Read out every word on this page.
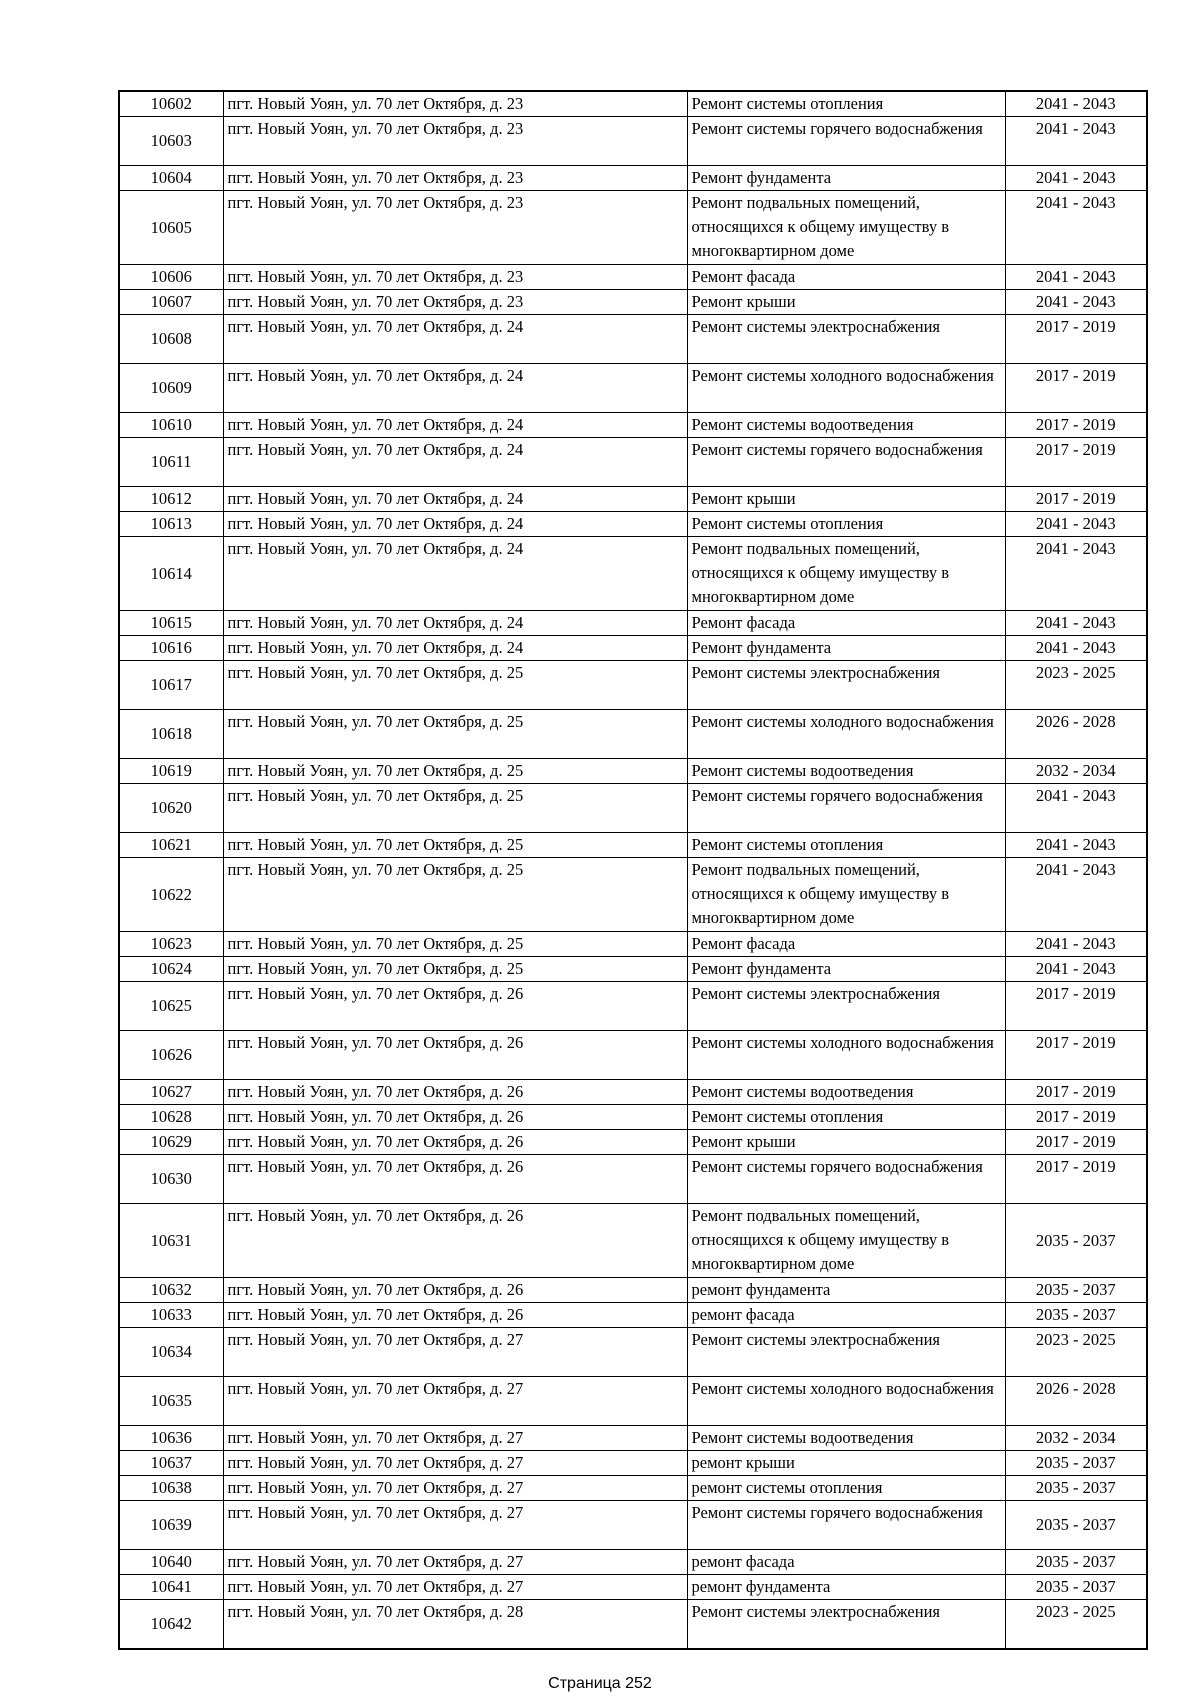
10602	пгт. Новый Уоян, ул. 70 лет Октября, д. 23	Ремонт системы отопления	2041 - 2043
10603	пгт. Новый Уоян, ул. 70 лет Октября, д. 23	Ремонт системы горячего водоснабжения	2041 - 2043
10604	пгт. Новый Уоян, ул. 70 лет Октября, д. 23	Ремонт фундамента	2041 - 2043
10605	пгт. Новый Уоян, ул. 70 лет Октября, д. 23	Ремонт подвальных помещений, относящихся к общему имуществу в многоквартирном доме	2041 - 2043
10606	пгт. Новый Уоян, ул. 70 лет Октября, д. 23	Ремонт фасада	2041 - 2043
10607	пгт. Новый Уоян, ул. 70 лет Октября, д. 23	Ремонт крыши	2041 - 2043
10608	пгт. Новый Уоян, ул. 70 лет Октября, д. 24	Ремонт системы электроснабжения	2017 - 2019
10609	пгт. Новый Уоян, ул. 70 лет Октября, д. 24	Ремонт системы холодного водоснабжения	2017 - 2019
10610	пгт. Новый Уоян, ул. 70 лет Октября, д. 24	Ремонт системы водоотведения	2017 - 2019
10611	пгт. Новый Уоян, ул. 70 лет Октября, д. 24	Ремонт системы горячего водоснабжения	2017 - 2019
10612	пгт. Новый Уоян, ул. 70 лет Октября, д. 24	Ремонт крыши	2017 - 2019
10613	пгт. Новый Уоян, ул. 70 лет Октября, д. 24	Ремонт системы отопления	2041 - 2043
10614	пгт. Новый Уоян, ул. 70 лет Октября, д. 24	Ремонт подвальных помещений, относящихся к общему имуществу в многоквартирном доме	2041 - 2043
10615	пгт. Новый Уоян, ул. 70 лет Октября, д. 24	Ремонт фасада	2041 - 2043
10616	пгт. Новый Уоян, ул. 70 лет Октября, д. 24	Ремонт фундамента	2041 - 2043
10617	пгт. Новый Уоян, ул. 70 лет Октября, д. 25	Ремонт системы электроснабжения	2023 - 2025
10618	пгт. Новый Уоян, ул. 70 лет Октября, д. 25	Ремонт системы холодного водоснабжения	2026 - 2028
10619	пгт. Новый Уоян, ул. 70 лет Октября, д. 25	Ремонт системы водоотведения	2032 - 2034
10620	пгт. Новый Уоян, ул. 70 лет Октября, д. 25	Ремонт системы горячего водоснабжения	2041 - 2043
10621	пгт. Новый Уоян, ул. 70 лет Октября, д. 25	Ремонт системы отопления	2041 - 2043
10622	пгт. Новый Уоян, ул. 70 лет Октября, д. 25	Ремонт подвальных помещений, относящихся к общему имуществу в многоквартирном доме	2041 - 2043
10623	пгт. Новый Уоян, ул. 70 лет Октября, д. 25	Ремонт фасада	2041 - 2043
10624	пгт. Новый Уоян, ул. 70 лет Октября, д. 25	Ремонт фундамента	2041 - 2043
10625	пгт. Новый Уоян, ул. 70 лет Октября, д. 26	Ремонт системы электроснабжения	2017 - 2019
10626	пгт. Новый Уоян, ул. 70 лет Октября, д. 26	Ремонт системы холодного водоснабжения	2017 - 2019
10627	пгт. Новый Уоян, ул. 70 лет Октября, д. 26	Ремонт системы водоотведения	2017 - 2019
10628	пгт. Новый Уоян, ул. 70 лет Октября, д. 26	Ремонт системы отопления	2017 - 2019
10629	пгт. Новый Уоян, ул. 70 лет Октября, д. 26	Ремонт крыши	2017 - 2019
10630	пгт. Новый Уоян, ул. 70 лет Октября, д. 26	Ремонт системы горячего водоснабжения	2017 - 2019
10631	пгт. Новый Уоян, ул. 70 лет Октября, д. 26	Ремонт подвальных помещений, относящихся к общему имуществу в многоквартирном доме	2035 - 2037
10632	пгт. Новый Уоян, ул. 70 лет Октября, д. 26	ремонт фундамента	2035 - 2037
10633	пгт. Новый Уоян, ул. 70 лет Октября, д. 26	ремонт фасада	2035 - 2037
10634	пгт. Новый Уоян, ул. 70 лет Октября, д. 27	Ремонт системы электроснабжения	2023 - 2025
10635	пгт. Новый Уоян, ул. 70 лет Октября, д. 27	Ремонт системы холодного водоснабжения	2026 - 2028
10636	пгт. Новый Уоян, ул. 70 лет Октября, д. 27	Ремонт системы водоотведения	2032 - 2034
10637	пгт. Новый Уоян, ул. 70 лет Октября, д. 27	ремонт крыши	2035 - 2037
10638	пгт. Новый Уоян, ул. 70 лет Октября, д. 27	ремонт системы отопления	2035 - 2037
10639	пгт. Новый Уоян, ул. 70 лет Октября, д. 27	Ремонт системы горячего водоснабжения	2035 - 2037
10640	пгт. Новый Уоян, ул. 70 лет Октября, д. 27	ремонт фасада	2035 - 2037
10641	пгт. Новый Уоян, ул. 70 лет Октября, д. 27	ремонт фундамента	2035 - 2037
10642	пгт. Новый Уоян, ул. 70 лет Октября, д. 28	Ремонт системы электроснабжения	2023 - 2025
Страница 252
